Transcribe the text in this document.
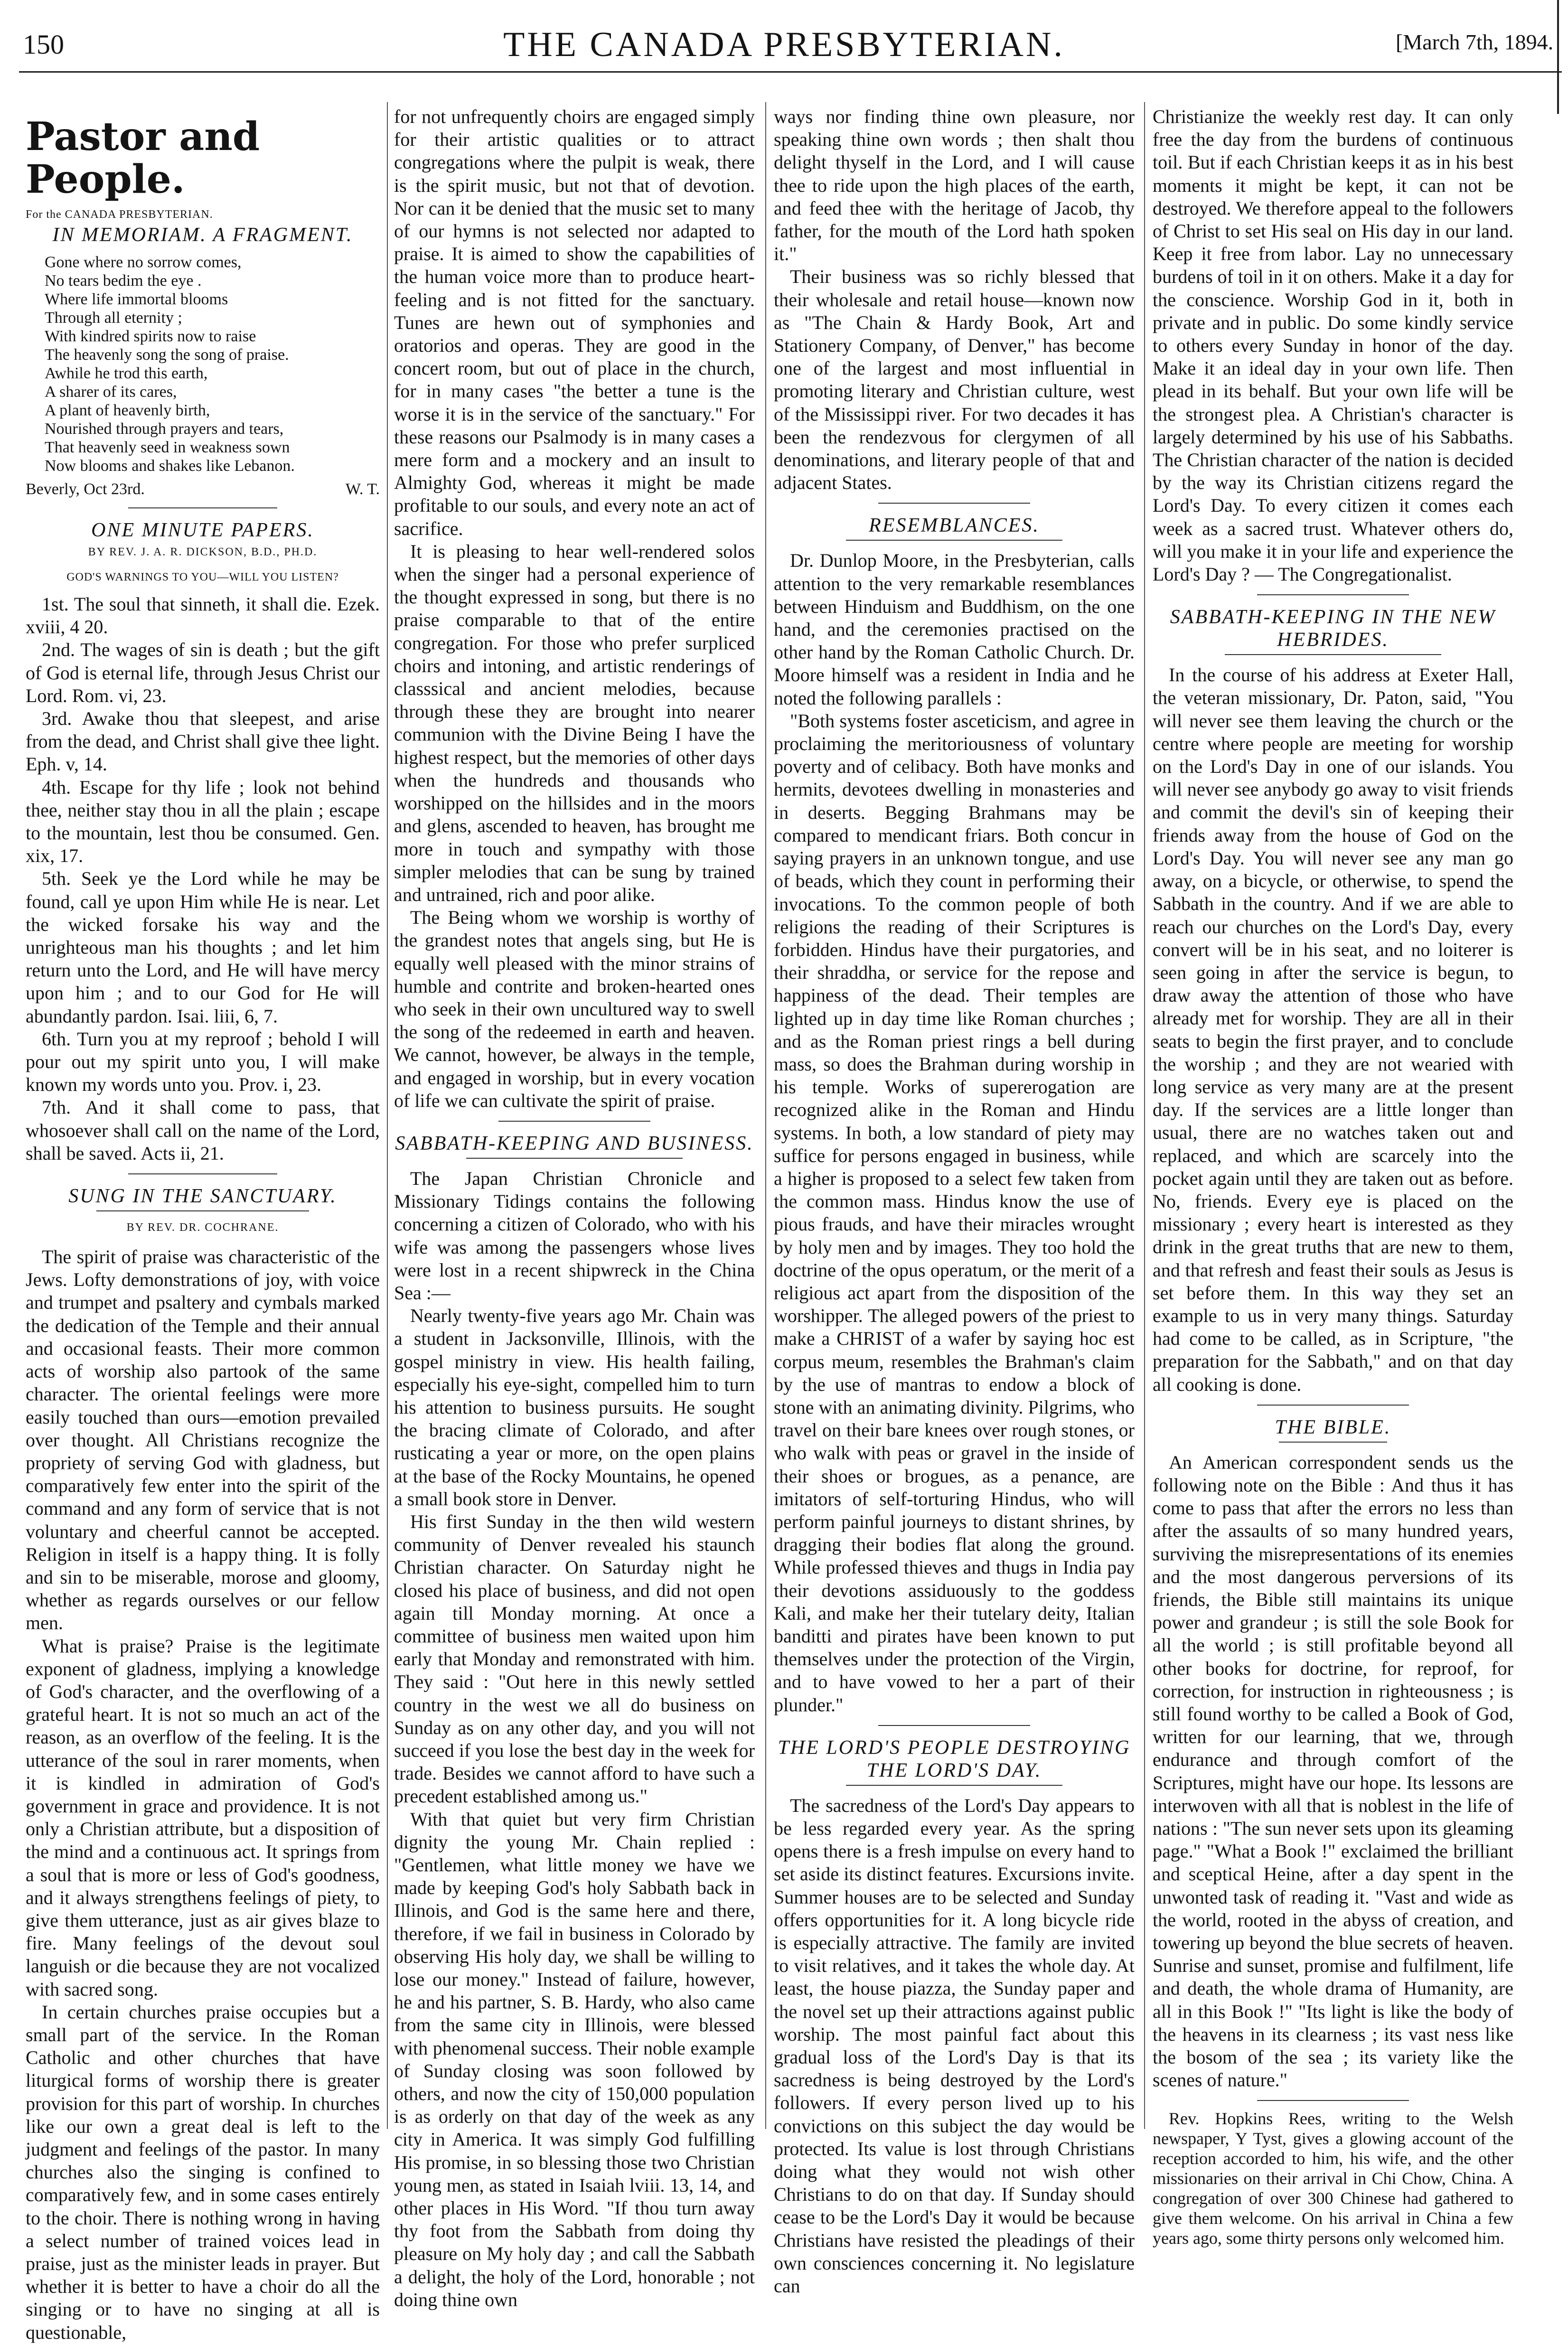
150	THE CANADA PRESBYTERIAN.	[March 7th, 1894.
Pastor and People.
For the CANADA PRESBYTERIAN.
IN MEMORIAM. A FRAGMENT.
Gone where no sorrow comes,
No tears bedim the eye .
Where life immortal blooms
Through all eternity ;
With kindred spirits now to raise
The heavenly song the song of praise.
Awhile he trod this earth,
A sharer of its cares,
A plant of heavenly birth,
Nourished through prayers and tears,
That heavenly seed in weakness sown
Now blooms and shakes like Lebanon.
Beverly, Oct 23rd.	W. T.
ONE MINUTE PAPERS.
BY REV. J. A. R. DICKSON, B.D., PH.D.
GOD'S WARNINGS TO YOU—WILL YOU LISTEN?

1st. The soul that sinneth, it shall die. Ezek. xviii, 4 20.

2nd. The wages of sin is death ; but the gift of God is eternal life, through Jesus Christ our Lord. Rom. vi, 23.

3rd. Awake thou that sleepest, and arise from the dead, and Christ shall give thee light. Eph. v, 14.

4th. Escape for thy life ; look not behind thee, neither stay thou in all the plain ; escape to the mountain, lest thou be consumed. Gen. xix, 17.

5th. Seek ye the Lord while he may be found, call ye upon Him while He is near. Let the wicked forsake his way and the unrighteous man his thoughts ; and let him return unto the Lord, and He will have mercy upon him ; and to our God for He will abundantly pardon. Isai. liii, 6, 7.

6th. Turn you at my reproof ; behold I will pour out my spirit unto you, I will make known my words unto you. Prov. i, 23.

7th. And it shall come to pass, that whosoever shall call on the name of the Lord, shall be saved. Acts ii, 21.

SUNG IN THE SANCTUARY.
BY REV. DR. COCHRANE.

The spirit of praise was characteristic of the Jews. Lofty demonstrations of joy, with voice and trumpet and psaltery and cymbals marked the dedication of the Temple and their annual and occasional feasts. Their more common acts of worship also partook of the same character. The oriental feelings were more easily touched than ours—emotion prevailed over thought. All Christians recognize the propriety of serving God with gladness, but comparatively few enter into the spirit of the command and any form of service that is not voluntary and cheerful cannot be accepted. Religion in itself is a happy thing. It is folly and sin to be miserable, morose and gloomy, whether as regards ourselves or our fellow men.

What is praise? Praise is the legitimate exponent of gladness, implying a knowledge of God's character, and the overflowing of a grateful heart. It is not so much an act of the reason, as an overflow of the feeling. It is the utterance of the soul in rarer moments, when it is kindled in admiration of God's government in grace and providence. It is not only a Christian attribute, but a disposition of the mind and a continuous act. It springs from a soul that is more or less of God's goodness, and it always strengthens feelings of piety, to give them utterance, just as air gives blaze to fire. Many feelings of the devout soul languish or die because they are not vocalized with sacred song.

In certain churches praise occupies but a small part of the service. In the Roman Catholic and other churches that have liturgical forms of worship there is greater provision for this part of worship. In churches like our own a great deal is left to the judgment and feelings of the pastor. In many churches also the singing is confined to comparatively few, and in some cases entirely to the choir. There is nothing wrong in having a select number of trained voices lead in praise, just as the minister leads in prayer. But whether it is better to have a choir do all the singing or to have no singing at all is questionable,

for not unfrequently choirs are engaged simply for their artistic qualities or to attract congregations where the pulpit is weak, there is the spirit music, but not that of devotion. Nor can it be denied that the music set to many of our hymns is not selected nor adapted to praise. It is aimed to show the capabilities of the human voice more than to produce heart-feeling and is not fitted for the sanctuary. Tunes are hewn out of symphonies and oratorios and operas. They are good in the concert room, but out of place in the church, for in many cases "the better a tune is the worse it is in the service of the sanctuary." For these reasons our Psalmody is in many cases a mere form and a mockery and an insult to Almighty God, whereas it might be made profitable to our souls, and every note an act of sacrifice.

It is pleasing to hear well-rendered solos when the singer had a personal experience of the thought expressed in song, but there is no praise comparable to that of the entire congregation. For those who prefer surpliced choirs and intoning, and artistic renderings of classsical and ancient melodies, because through these they are brought into nearer communion with the Divine Being I have the highest respect, but the memories of other days when the hundreds and thousands who worshipped on the hillsides and in the moors and glens, ascended to heaven, has brought me more in touch and sympathy with those simpler melodies that can be sung by trained and untrained, rich and poor alike.

The Being whom we worship is worthy of the grandest notes that angels sing, but He is equally well pleased with the minor strains of humble and contrite and broken-hearted ones who seek in their own uncultured way to swell the song of the redeemed in earth and heaven. We cannot, however, be always in the temple, and engaged in worship, but in every vocation of life we can cultivate the spirit of praise.

SABBATH-KEEPING AND BUSINESS.

The Japan Christian Chronicle and Missionary Tidings contains the following concerning a citizen of Colorado, who with his wife was among the passengers whose lives were lost in a recent shipwreck in the China Sea :—

Nearly twenty-five years ago Mr. Chain was a student in Jacksonville, Illinois, with the gospel ministry in view. His health failing, especially his eye-sight, compelled him to turn his attention to business pursuits. He sought the bracing climate of Colorado, and after rusticating a year or more, on the open plains at the base of the Rocky Mountains, he opened a small book store in Denver.

His first Sunday in the then wild western community of Denver revealed his staunch Christian character. On Saturday night he closed his place of business, and did not open again till Monday morning. At once a committee of business men waited upon him early that Monday and remonstrated with him. They said : "Out here in this newly settled country in the west we all do business on Sunday as on any other day, and you will not succeed if you lose the best day in the week for trade. Besides we cannot afford to have such a precedent established among us."

With that quiet but very firm Christian dignity the young Mr. Chain replied : "Gentlemen, what little money we have we made by keeping God's holy Sabbath back in Illinois, and God is the same here and there, therefore, if we fail in business in Colorado by observing His holy day, we shall be willing to lose our money." Instead of failure, however, he and his partner, S. B. Hardy, who also came from the same city in Illinois, were blessed with phenomenal success. Their noble example of Sunday closing was soon followed by others, and now the city of 150,000 population is as orderly on that day of the week as any city in America. It was simply God fulfilling His promise, in so blessing those two Christian young men, as stated in Isaiah lviii. 13, 14, and other places in His Word. "If thou turn away thy foot from the Sabbath from doing thy pleasure on My holy day ; and call the Sabbath a delight, the holy of the Lord, honorable ; not doing thine own

ways nor finding thine own pleasure, nor speaking thine own words ; then shalt thou delight thyself in the Lord, and I will cause thee to ride upon the high places of the earth, and feed thee with the heritage of Jacob, thy father, for the mouth of the Lord hath spoken it."

Their business was so richly blessed that their wholesale and retail house—known now as "The Chain & Hardy Book, Art and Stationery Company, of Denver," has become one of the largest and most influential in promoting literary and Christian culture, west of the Mississippi river. For two decades it has been the rendezvous for clergymen of all denominations, and literary people of that and adjacent States.

RESEMBLANCES.

Dr. Dunlop Moore, in the Presbyterian, calls attention to the very remarkable resemblances between Hinduism and Buddhism, on the one hand, and the ceremonies practised on the other hand by the Roman Catholic Church. Dr. Moore himself was a resident in India and he noted the following parallels :

"Both systems foster asceticism, and agree in proclaiming the meritoriousness of voluntary poverty and of celibacy. Both have monks and hermits, devotees dwelling in monasteries and in deserts. Begging Brahmans may be compared to mendicant friars. Both concur in saying prayers in an unknown tongue, and use of beads, which they count in performing their invocations. To the common people of both religions the reading of their Scriptures is forbidden. Hindus have their purgatories, and their shraddha, or service for the repose and happiness of the dead. Their temples are lighted up in day time like Roman churches ; and as the Roman priest rings a bell during mass, so does the Brahman during worship in his temple. Works of supererogation are recognized alike in the Roman and Hindu systems. In both, a low standard of piety may suffice for persons engaged in business, while a higher is proposed to a select few taken from the common mass. Hindus know the use of pious frauds, and have their miracles wrought by holy men and by images. They too hold the doctrine of the opus operatum, or the merit of a religious act apart from the disposition of the worshipper. The alleged powers of the priest to make a CHRIST of a wafer by saying hoc est corpus meum, resembles the Brahman's claim by the use of mantras to endow a block of stone with an animating divinity. Pilgrims, who travel on their bare knees over rough stones, or who walk with peas or gravel in the inside of their shoes or brogues, as a penance, are imitators of self-torturing Hindus, who will perform painful journeys to distant shrines, by dragging their bodies flat along the ground. While professed thieves and thugs in India pay their devotions assiduously to the goddess Kali, and make her their tutelary deity, Italian banditti and pirates have been known to put themselves under the protection of the Virgin, and to have vowed to her a part of their plunder."

THE LORD'S PEOPLE DESTROYING THE LORD'S DAY.

The sacredness of the Lord's Day appears to be less regarded every year. As the spring opens there is a fresh impulse on every hand to set aside its distinct features. Excursions invite. Summer houses are to be selected and Sunday offers opportunities for it. A long bicycle ride is especially attractive. The family are invited to visit relatives, and it takes the whole day. At least, the house piazza, the Sunday paper and the novel set up their attractions against public worship. The most painful fact about this gradual loss of the Lord's Day is that its sacredness is being destroyed by the Lord's followers. If every person lived up to his convictions on this subject the day would be protected. Its value is lost through Christians doing what they would not wish other Christians to do on that day. If Sunday should cease to be the Lord's Day it would be because Christians have resisted the pleadings of their own consciences concerning it. No legislature can

Christianize the weekly rest day. It can only free the day from the burdens of continuous toil. But if each Christian keeps it as in his best moments it might be kept, it can not be destroyed. We therefore appeal to the followers of Christ to set His seal on His day in our land. Keep it free from labor. Lay no unnecessary burdens of toil in it on others. Make it a day for the conscience. Worship God in it, both in private and in public. Do some kindly service to others every Sunday in honor of the day. Make it an ideal day in your own life. Then plead in its behalf. But your own life will be the strongest plea. A Christian's character is largely determined by his use of his Sabbaths. The Christian character of the nation is decided by the way its Christian citizens regard the Lord's Day. To every citizen it comes each week as a sacred trust. Whatever others do, will you make it in your life and experience the Lord's Day ? — The Congregationalist.

SABBATH-KEEPING IN THE NEW HEBRIDES.

In the course of his address at Exeter Hall, the veteran missionary, Dr. Paton, said, "You will never see them leaving the church or the centre where people are meeting for worship on the Lord's Day in one of our islands. You will never see anybody go away to visit friends and commit the devil's sin of keeping their friends away from the house of God on the Lord's Day. You will never see any man go away, on a bicycle, or otherwise, to spend the Sabbath in the country. And if we are able to reach our churches on the Lord's Day, every convert will be in his seat, and no loiterer is seen going in after the service is begun, to draw away the attention of those who have already met for worship. They are all in their seats to begin the first prayer, and to conclude the worship ; and they are not wearied with long service as very many are at the present day. If the services are a little longer than usual, there are no watches taken out and replaced, and which are scarcely into the pocket again until they are taken out as before. No, friends. Every eye is placed on the missionary ; every heart is interested as they drink in the great truths that are new to them, and that refresh and feast their souls as Jesus is set before them. In this way they set an example to us in very many things. Saturday had come to be called, as in Scripture, "the preparation for the Sabbath," and on that day all cooking is done.

THE BIBLE.

An American correspondent sends us the following note on the Bible : And thus it has come to pass that after the errors no less than after the assaults of so many hundred years, surviving the misrepresentations of its enemies and the most dangerous perversions of its friends, the Bible still maintains its unique power and grandeur ; is still the sole Book for all the world ; is still profitable beyond all other books for doctrine, for reproof, for correction, for instruction in righteousness ; is still found worthy to be called a Book of God, written for our learning, that we, through endurance and through comfort of the Scriptures, might have our hope. Its lessons are interwoven with all that is noblest in the life of nations : "The sun never sets upon its gleaming page." "What a Book !" exclaimed the brilliant and sceptical Heine, after a day spent in the unwonted task of reading it. "Vast and wide as the world, rooted in the abyss of creation, and towering up beyond the blue secrets of heaven. Sunrise and sunset, promise and fulfilment, life and death, the whole drama of Humanity, are all in this Book !" "Its light is like the body of the heavens in its clearness ; its vast ness like the bosom of the sea ; its variety like the scenes of nature."

Rev. Hopkins Rees, writing to the Welsh newspaper, Y Tyst, gives a glowing account of the reception accorded to him, his wife, and the other missionaries on their arrival in Chi Chow, China. A congregation of over 300 Chinese had gathered to give them welcome. On his arrival in China a few years ago, some thirty persons only welcomed him.
